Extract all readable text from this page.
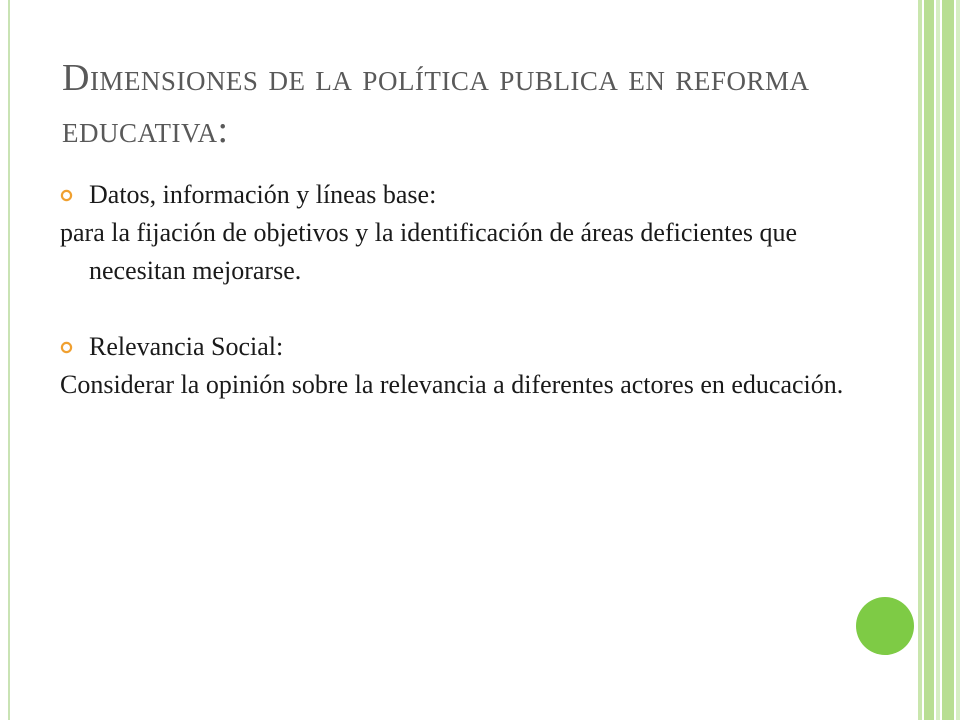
Dimensiones de la política publica en reforma educativa:
Datos, información y líneas base:
para la fijación de objetivos y la identificación de áreas deficientes que necesitan mejorarse.
Relevancia Social:
Considerar la opinión sobre la relevancia a diferentes actores en educación.
